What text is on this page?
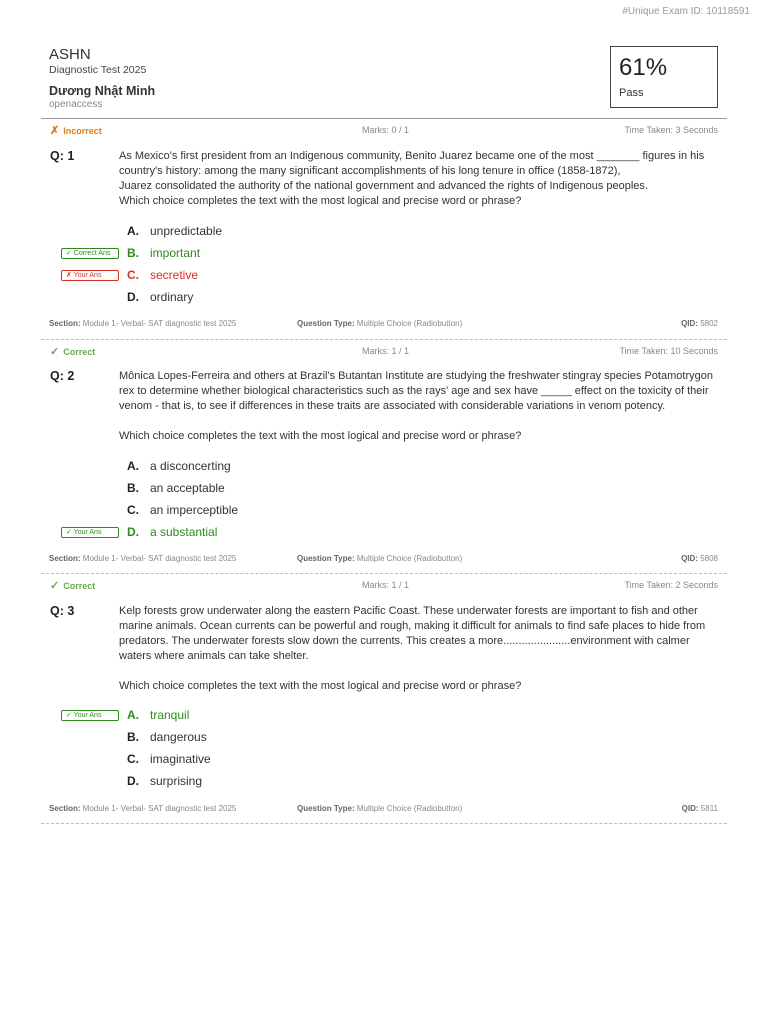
#Unique Exam ID: 10118591
ASHN
Diagnostic Test 2025
Dương Nhật Minh
openaccess
61%
Pass
✗ Incorrect	Marks: 0 / 1	Time Taken: 3 Seconds
Q: 1	As Mexico's first president from an Indigenous community, Benito Juarez became one of the most _______ figures in his country's history: among the many significant accomplishments of his long tenure in office (1858-1872),

Juarez consolidated the authority of the national government and advanced the rights of Indigenous peoples.

Which choice completes the text with the most logical and precise word or phrase?

A. unpredictable
✓ Correct Ans	B. important
✗ Your Ans	C. secretive
D. ordinary
Section: Module 1- Verbal- SAT diagnostic test 2025	Question Type: Multiple Choice (Radiobutton)	QID: 5802
✓ Correct	Marks: 1 / 1	Time Taken: 10 Seconds
Q: 2	Mônica Lopes-Ferreira and others at Brazil's Butantan Institute are studying the freshwater stingray species Potamotrygon rex to determine whether biological characteristics such as the rays' age and sex have _____ effect on the toxicity of their venom - that is, to see if differences in these traits are associated with considerable variations in venom potency.

Which choice completes the text with the most logical and precise word or phrase?

A. a disconcerting
B. an acceptable
C. an imperceptible
✓ Your Ans	D. a substantial
Section: Module 1- Verbal- SAT diagnostic test 2025	Question Type: Multiple Choice (Radiobutton)	QID: 5808
✓ Correct	Marks: 1 / 1	Time Taken: 2 Seconds
Q: 3	Kelp forests grow underwater along the eastern Pacific Coast. These underwater forests are important to fish and other marine animals. Ocean currents can be powerful and rough, making it difficult for animals to find safe places to hide from predators. The underwater forests slow down the currents. This creates a more......................environment with calmer waters where animals can take shelter.

Which choice completes the text with the most logical and precise word or phrase?

✓ Your Ans	A. tranquil
B. dangerous
C. imaginative
D. surprising
Section: Module 1- Verbal- SAT diagnostic test 2025	Question Type: Multiple Choice (Radiobutton)	QID: 5811
